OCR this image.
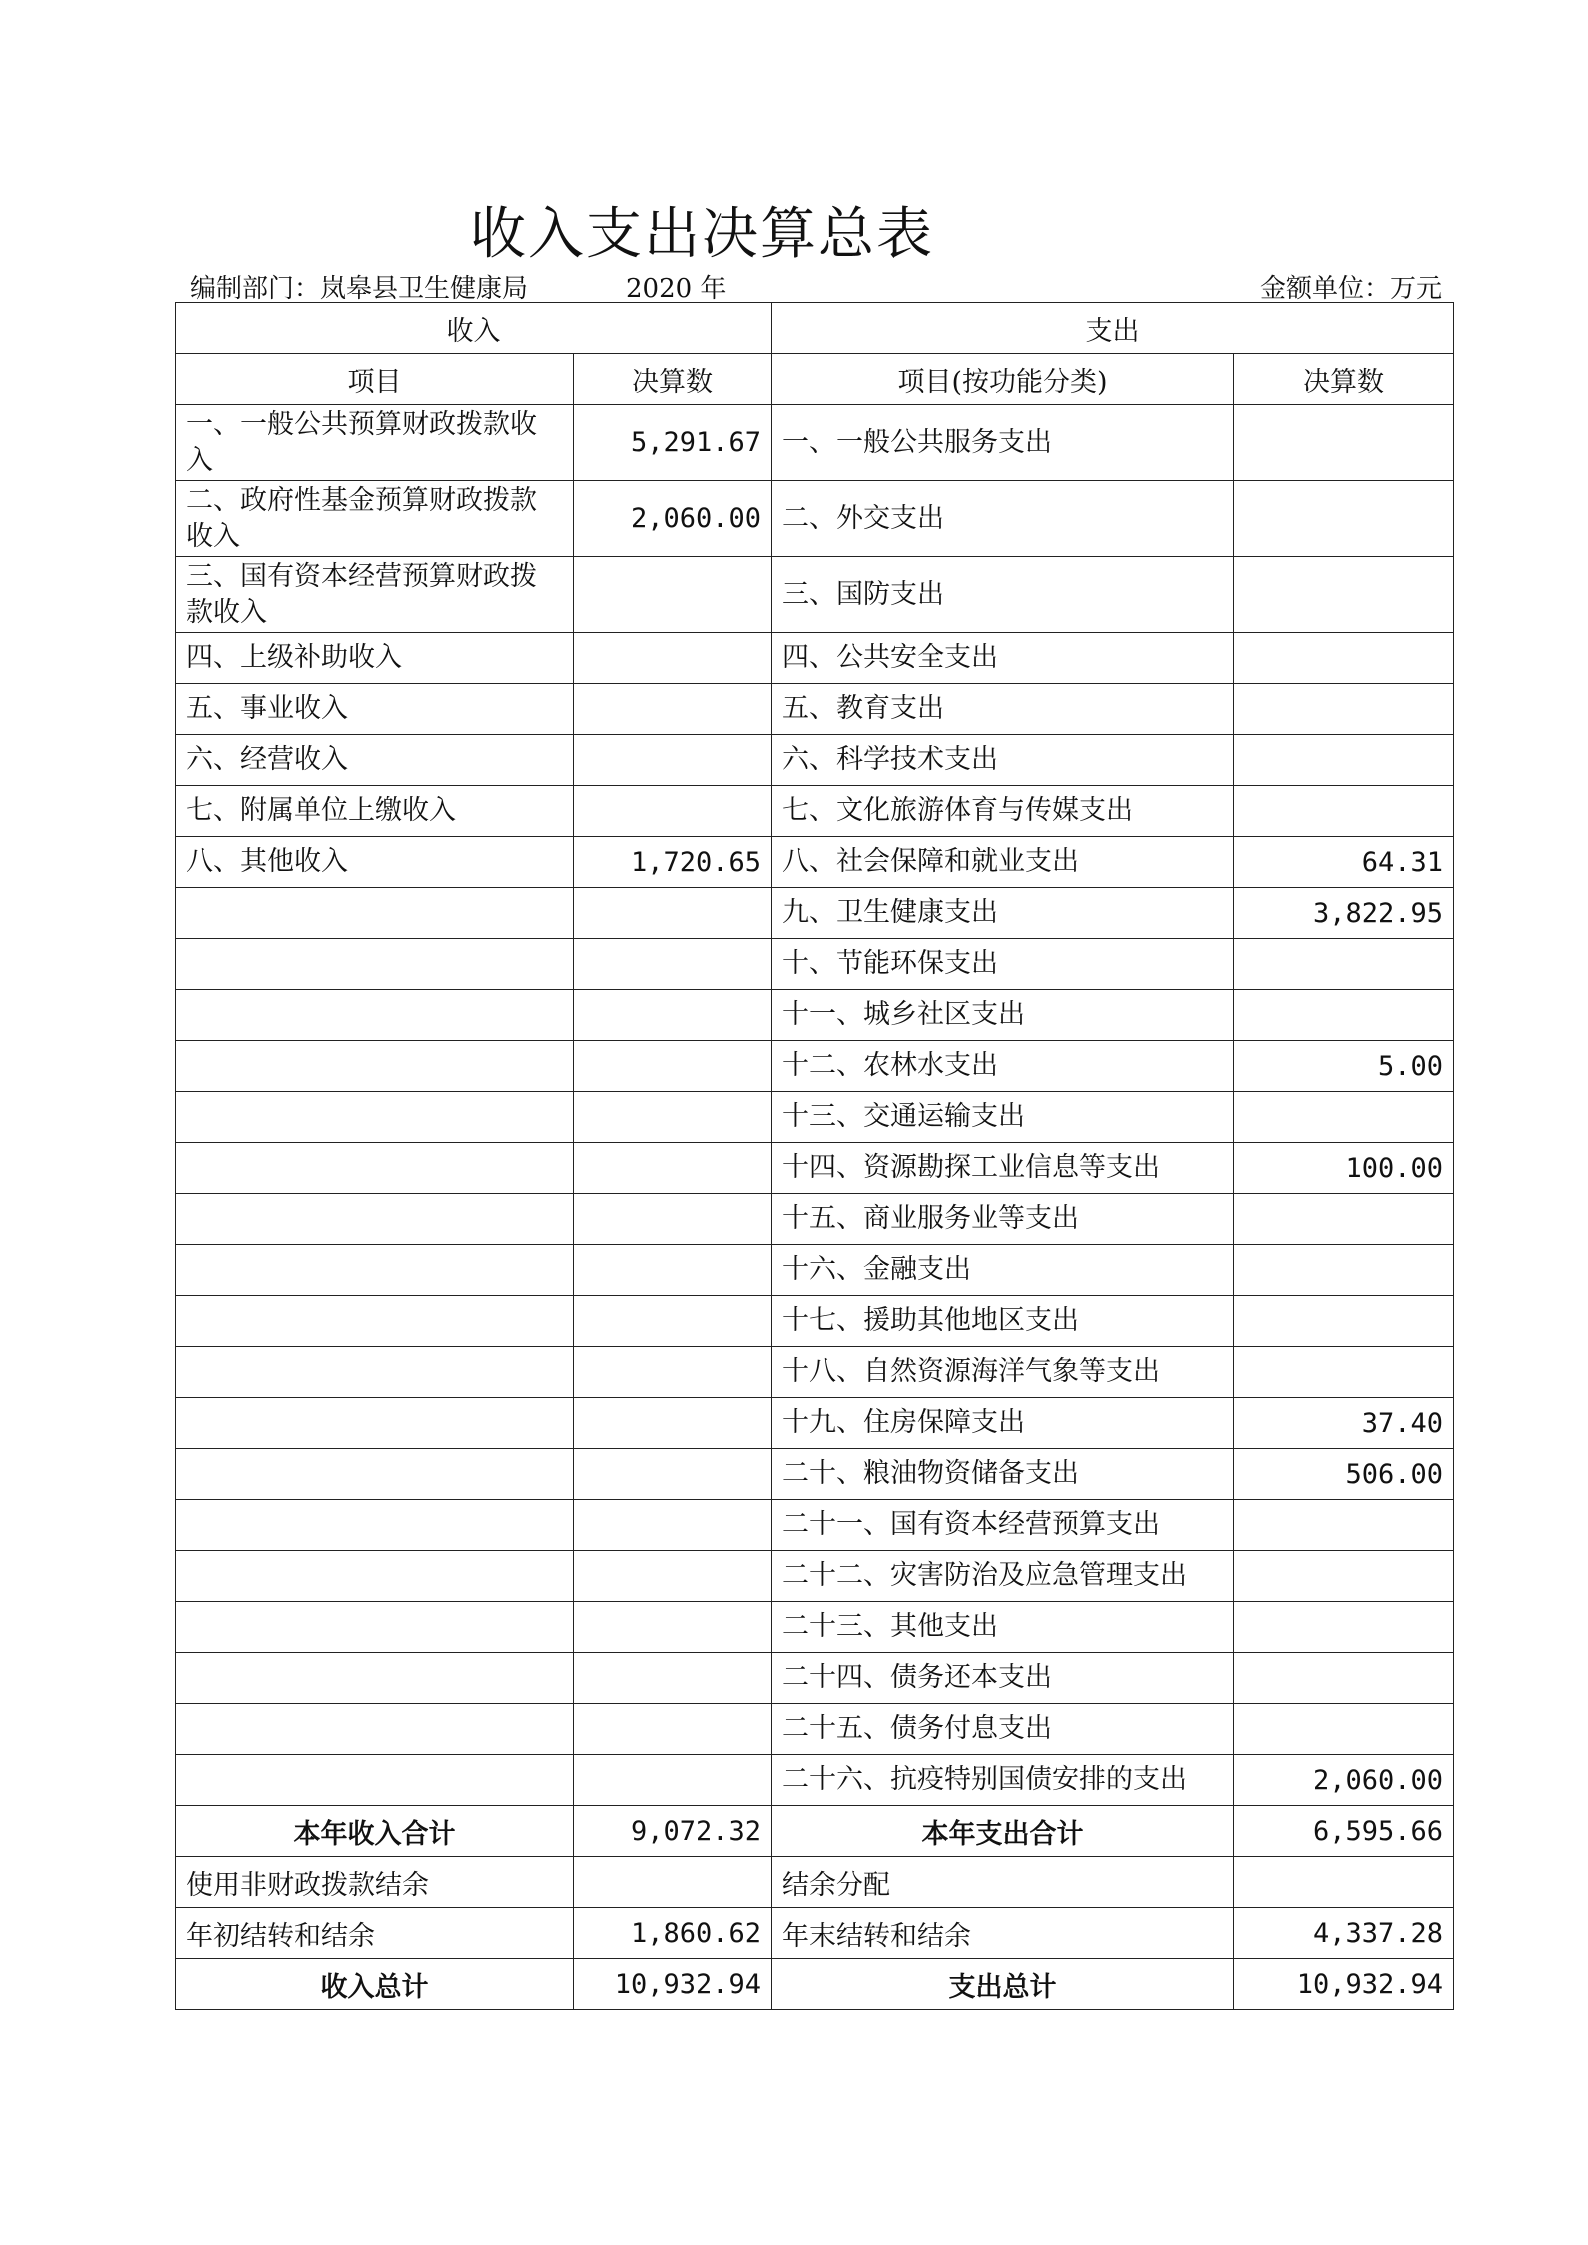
收入支出决算总表
编制部门：岚皋县卫生健康局	2020 年	金额单位：万元
收入		支出	
项目	决算数	项目(按功能分类)	决算数
一、一般公共预算财政拨款收入	5,291.67	一、一般公共服务支出	
二、政府性基金预算财政拨款收入	2,060.00	二、外交支出	
三、国有资本经营预算财政拨款收入		三、国防支出	
四、上级补助收入		四、公共安全支出	
五、事业收入		五、教育支出	
六、经营收入		六、科学技术支出	
七、附属单位上缴收入		七、文化旅游体育与传媒支出	
八、其他收入	1,720.65	八、社会保障和就业支出	64.31
		九、卫生健康支出	3,822.95
		十、节能环保支出	
		十一、城乡社区支出	
		十二、农林水支出	5.00
		十三、交通运输支出	
		十四、资源勘探工业信息等支出	100.00
		十五、商业服务业等支出	
		十六、金融支出	
		十七、援助其他地区支出	
		十八、自然资源海洋气象等支出	
		十九、住房保障支出	37.40
		二十、粮油物资储备支出	506.00
		二十一、国有资本经营预算支出	
		二十二、灾害防治及应急管理支出	
		二十三、其他支出	
		二十四、债务还本支出	
		二十五、债务付息支出	
		二十六、抗疫特别国债安排的支出	2,060.00
本年收入合计	9,072.32	本年支出合计	6,595.66
使用非财政拨款结余		结余分配	
年初结转和结余	1,860.62	年末结转和结余	4,337.28
收入总计	10,932.94	支出总计	10,932.94
